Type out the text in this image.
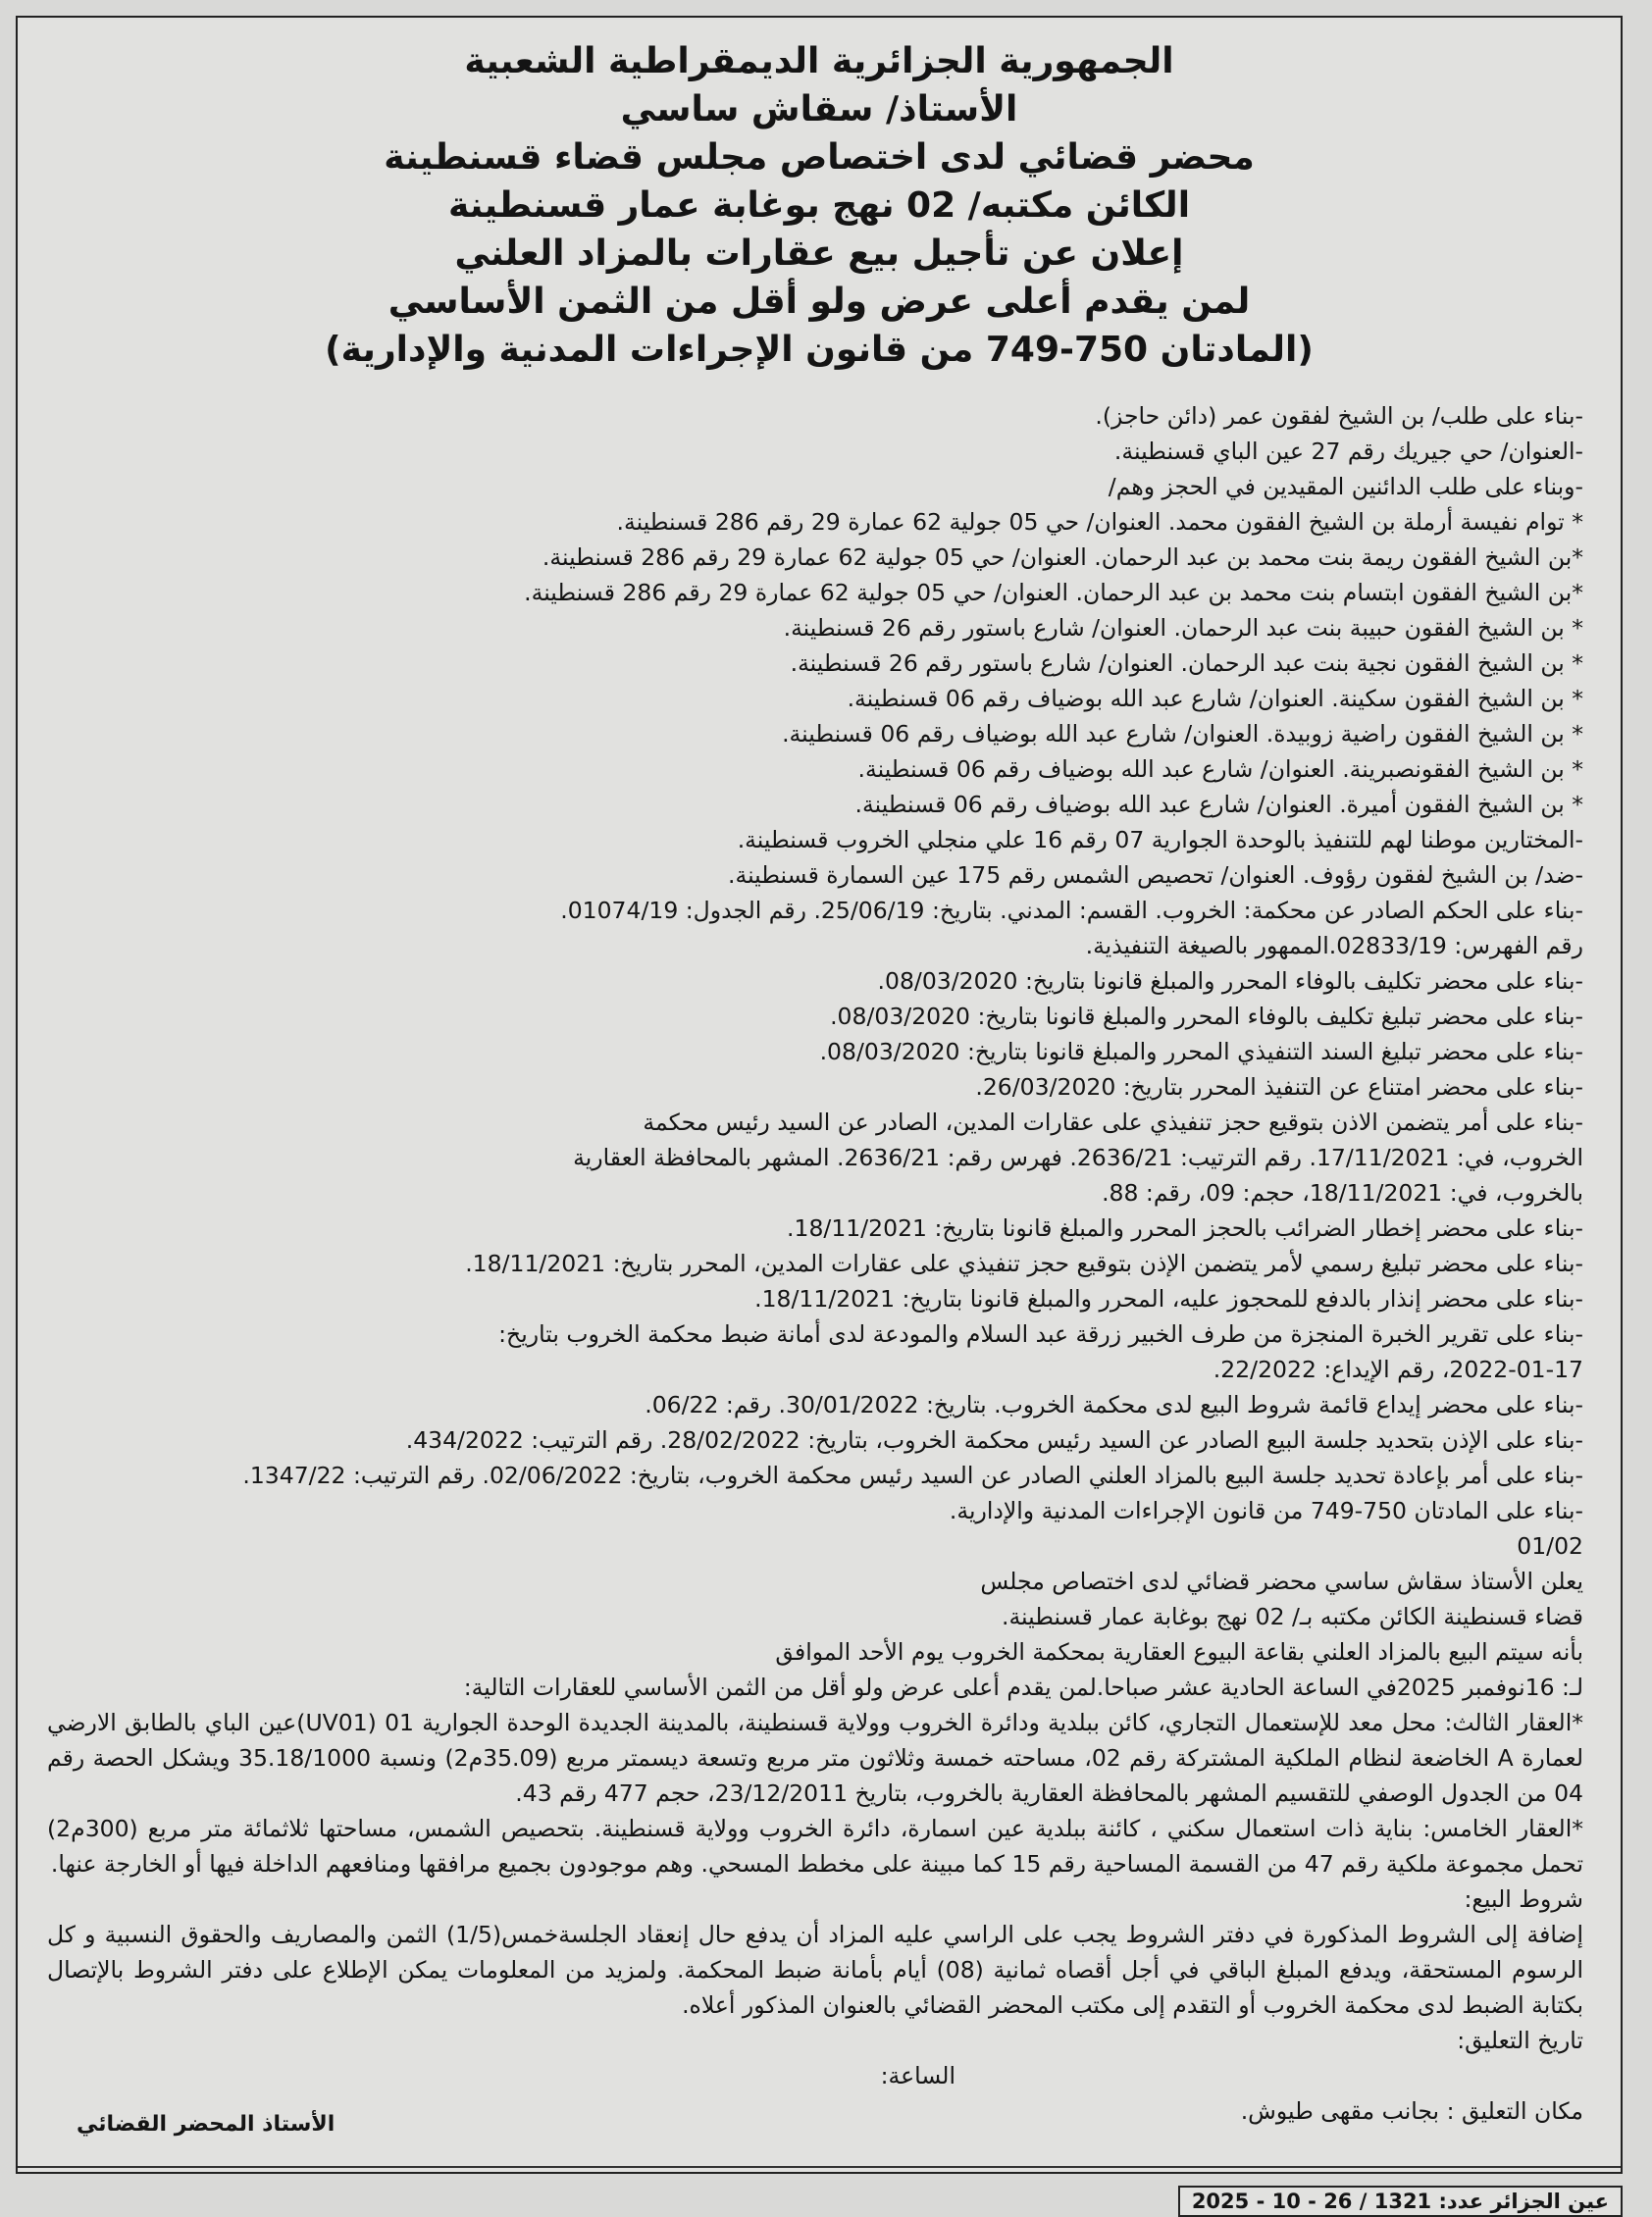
الجمهورية الجزائرية الديمقراطية الشعبية
الأستاذ/ سقاش ساسي
محضر قضائي لدى اختصاص مجلس قضاء قسنطينة
الكائن مكتبه/ 02 نهج بوغابة عمار قسنطينة
إعلان عن تأجيل بيع عقارات بالمزاد العلني
لمن يقدم أعلى عرض ولو أقل من الثمن الأساسي
(المادتان 750-749 من قانون الإجراءات المدنية والإدارية)

-بناء على طلب/ بن الشيخ لفقون عمر (دائن حاجز).

-العنوان/ حي جيريك رقم 27 عين الباي قسنطينة.

-وبناء على طلب الدائنين المقيدين في الحجز وهم/

* توام نفيسة أرملة بن الشيخ الفقون محمد. العنوان/ حي 05 جولية 62 عمارة 29 رقم 286 قسنطينة.

*بن الشيخ الفقون ريمة بنت محمد بن عبد الرحمان. العنوان/ حي 05 جولية 62 عمارة 29 رقم 286 قسنطينة.

*بن الشيخ الفقون ابتسام بنت محمد بن عبد الرحمان. العنوان/ حي 05 جولية 62 عمارة 29 رقم 286 قسنطينة.

* بن الشيخ الفقون حبيبة بنت عبد الرحمان. العنوان/ شارع باستور رقم 26 قسنطينة.

* بن الشيخ الفقون نجية بنت عبد الرحمان. العنوان/ شارع باستور رقم 26 قسنطينة.

* بن الشيخ الفقون سكينة. العنوان/ شارع عبد الله بوضياف رقم 06 قسنطينة.

* بن الشيخ الفقون راضية زوبيدة. العنوان/ شارع عبد الله بوضياف رقم 06 قسنطينة.

* بن الشيخ الفقونصبرينة. العنوان/ شارع عبد الله بوضياف رقم 06 قسنطينة.

* بن الشيخ الفقون أميرة. العنوان/ شارع عبد الله بوضياف رقم 06 قسنطينة.

-المختارين موطنا لهم للتنفيذ بالوحدة الجوارية 07 رقم 16 علي منجلي الخروب قسنطينة.

-ضد/ بن الشيخ لفقون رؤوف. العنوان/ تحصيص الشمس رقم 175 عين السمارة قسنطينة.

-بناء على الحكم الصادر عن محكمة: الخروب. القسم: المدني. بتاريخ: 25/06/19. رقم الجدول: 01074/19.

رقم الفهرس: 02833/19.الممهور بالصيغة التنفيذية.

-بناء على محضر تكليف بالوفاء المحرر والمبلغ قانونا بتاريخ: 08/03/2020.

-بناء على محضر تبليغ تكليف بالوفاء المحرر والمبلغ قانونا بتاريخ: 08/03/2020.

-بناء على محضر تبليغ السند التنفيذي المحرر والمبلغ قانونا بتاريخ: 08/03/2020.

-بناء على محضر امتناع عن التنفيذ المحرر بتاريخ: 26/03/2020.

-بناء على أمر يتضمن الاذن بتوقيع حجز تنفيذي على عقارات المدين، الصادر عن السيد رئيس محكمة

الخروب، في: 17/11/2021. رقم الترتيب: 2636/21. فهرس رقم: 2636/21. المشهر بالمحافظة العقارية

بالخروب، في: 18/11/2021، حجم: 09، رقم: 88.

-بناء على محضر إخطار الضرائب بالحجز المحرر والمبلغ قانونا بتاريخ: 18/11/2021.

-بناء على محضر تبليغ رسمي لأمر يتضمن الإذن بتوقيع حجز تنفيذي على عقارات المدين، المحرر بتاريخ: 18/11/2021.

-بناء على محضر إنذار بالدفع للمحجوز عليه، المحرر والمبلغ قانونا بتاريخ: 18/11/2021.

-بناء على تقرير الخبرة المنجزة من طرف الخبير زرقة عبد السلام والمودعة لدى أمانة ضبط محكمة الخروب بتاريخ:

2022-01-17، رقم الإيداع: 22/2022.

-بناء على محضر إيداع قائمة شروط البيع لدى محكمة الخروب. بتاريخ: 30/01/2022. رقم: 06/22.

-بناء على الإذن بتحديد جلسة البيع الصادر عن السيد رئيس محكمة الخروب، بتاريخ: 28/02/2022. رقم الترتيب: 434/2022.

-بناء على أمر بإعادة تحديد جلسة البيع بالمزاد العلني الصادر عن السيد رئيس محكمة الخروب، بتاريخ: 02/06/2022. رقم الترتيب: 1347/22.

-بناء على المادتان 750-749 من قانون الإجراءات المدنية والإدارية.

01/02

يعلن الأستاذ سقاش ساسي محضر قضائي لدى اختصاص مجلس

قضاء قسنطينة الكائن مكتبه بـ/ 02 نهج بوغابة عمار قسنطينة.

بأنه سيتم البيع بالمزاد العلني بقاعة البيوع العقارية بمحكمة الخروب يوم الأحد الموافق

لـ: 16نوفمبر 2025في الساعة الحادية عشر صباحا.لمن يقدم أعلى عرض ولو أقل من الثمن الأساسي للعقارات التالية:

*العقار الثالث: محل معد للإستعمال التجاري، كائن ببلدية ودائرة الخروب وولاية قسنطينة، بالمدينة الجديدة الوحدة الجوارية 01 (UV01)عين الباي بالطابق الارضي لعمارة A الخاضعة لنظام الملكية المشتركة رقم 02، مساحته خمسة وثلاثون متر مربع وتسعة ديسمتر مربع (35.09م2) ونسبة 35.18/1000 ويشكل الحصة رقم 04 من الجدول الوصفي للتقسيم المشهر بالمحافظة العقارية بالخروب، بتاريخ 23/12/2011، حجم 477 رقم 43.

*العقار الخامس: بناية ذات استعمال سكني ، كائنة ببلدية عين اسمارة، دائرة الخروب وولاية قسنطينة. بتحصيص الشمس، مساحتها ثلاثمائة متر مربع (300م2) تحمل مجموعة ملكية رقم 47 من القسمة المساحية رقم 15 كما مبينة على مخطط المسحي. وهم موجودون بجميع مرافقها ومنافعهم الداخلة فيها أو الخارجة عنها.

شروط البيع:

إضافة إلى الشروط المذكورة في دفتر الشروط يجب على الراسي عليه المزاد أن يدفع حال إنعقاد الجلسةخمس(1/5) الثمن والمصاريف والحقوق النسبية و كل الرسوم المستحقة، ويدفع المبلغ الباقي في أجل أقصاه ثمانية (08) أيام بأمانة ضبط المحكمة. ولمزيد من المعلومات يمكن الإطلاع على دفتر الشروط بالإتصال بكتابة الضبط لدى محكمة الخروب أو التقدم إلى مكتب المحضر القضائي بالعنوان المذكور أعلاه.

تاريخ التعليق:

الساعة:

مكان التعليق : بجانب مقهى طيوش.

الأستاذ المحضر القضائي
عين الجزائر عدد: 1321 / 26 - 10 - 2025
